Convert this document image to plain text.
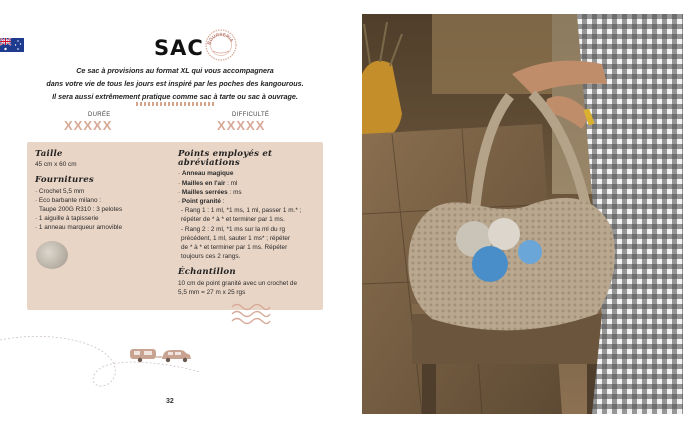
SAC BOURSERIA
Ce sac à provisions au format XL qui vous accompagnera
dans votre vie de tous les jours est inspiré par les poches des kangourous.
Il sera aussi extrêmement pratique comme sac à tarte ou sac à ouvrage.
DURÉE
X X X X X
DIFFICULTÉ
X X X X X
Taille
45 cm x 60 cm
Fournitures
· Crochet 5,5 mm
· Eco barbante milano :
Taupe 200G R310 : 3 pelotes
· 1 aiguille à tapisserie
· 1 anneau marqueur amovible
Points employés et abréviations
· Anneau magique
· Mailles en l'air : ml
· Mailles serrées : ms
· Point granité :
- Rang 1 : 1 ml, *1 ms, 1 ml, passer 1 m.* ;
répéter de * à * et terminer par 1 ms.
- Rang 2 : 2 ml, *1 ms sur la ml du rg
précédent, 1 ml, sauter 1 ms* ; répéter
de * à * et terminer par 1 ms. Répéter
toujours ces 2 rangs.
Échantillon
10 cm de point granité avec un crochet de
5,5 mm = 27 m x 25 rgs
32
